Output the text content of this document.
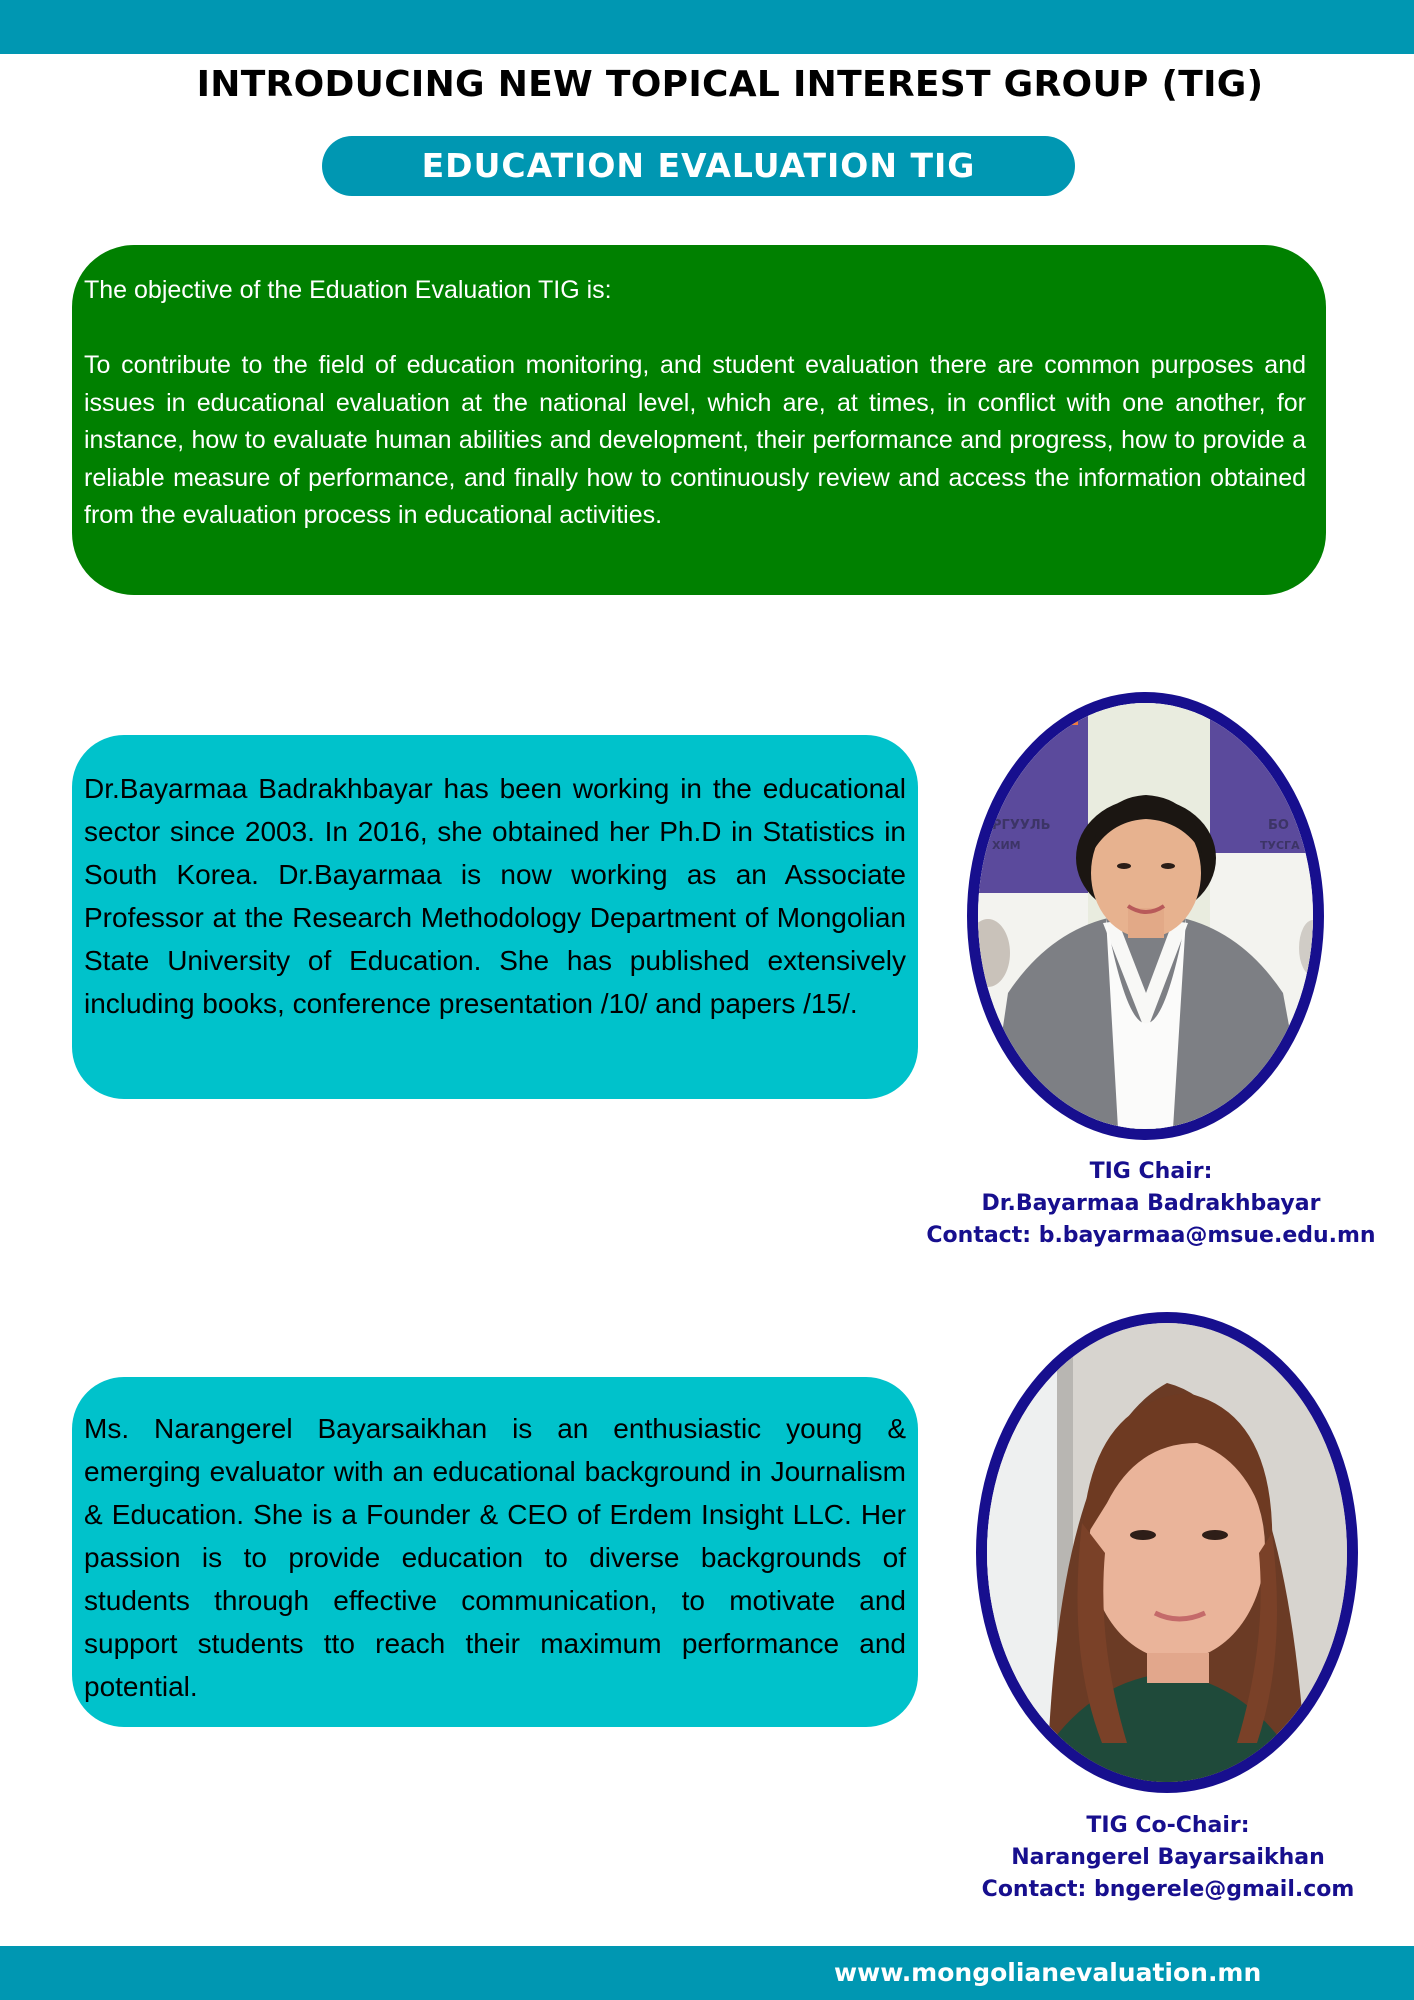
INTRODUCING NEW TOPICAL INTEREST GROUP (TIG)
EDUCATION EVALUATION TIG

The objective of the Eduation Evaluation TIG is:

To contribute to the field of education monitoring, and student evaluation there are common purposes and issues in educational evaluation at the national level, which are, at times, in conflict with one another, for instance, how to evaluate human abilities and development, their performance and progress, how to provide a reliable measure of performance, and finally how to continuously review and access the information obtained from the evaluation process in educational activities.

Dr.Bayarmaa Badrakhbayar has been working in the educational sector since 2003. In 2016, she obtained her Ph.D in Statistics in South Korea. Dr.Bayarmaa is now working as an Associate Professor at the Research Methodology Department of Mongolian State University of Education. She has published extensively including books, conference presentation /10/ and papers /15/.

УРГУУЛЬ
ХИМ
БО
ТУСГА
TIG Chair:
Dr.Bayarmaa Badrakhbayar
Contact: b.bayarmaa@msue.edu.mn

Ms. Narangerel Bayarsaikhan is an enthusiastic young & emerging evaluator with an educational background in Journalism & Education. She is a Founder & CEO of Erdem Insight LLC. Her passion is to provide education to diverse backgrounds of students through effective communication, to motivate and support students tto reach their maximum performance and potential.

TIG Co-Chair:
Narangerel Bayarsaikhan
Contact: bngerele@gmail.com
www.mongolianevaluation.mn
